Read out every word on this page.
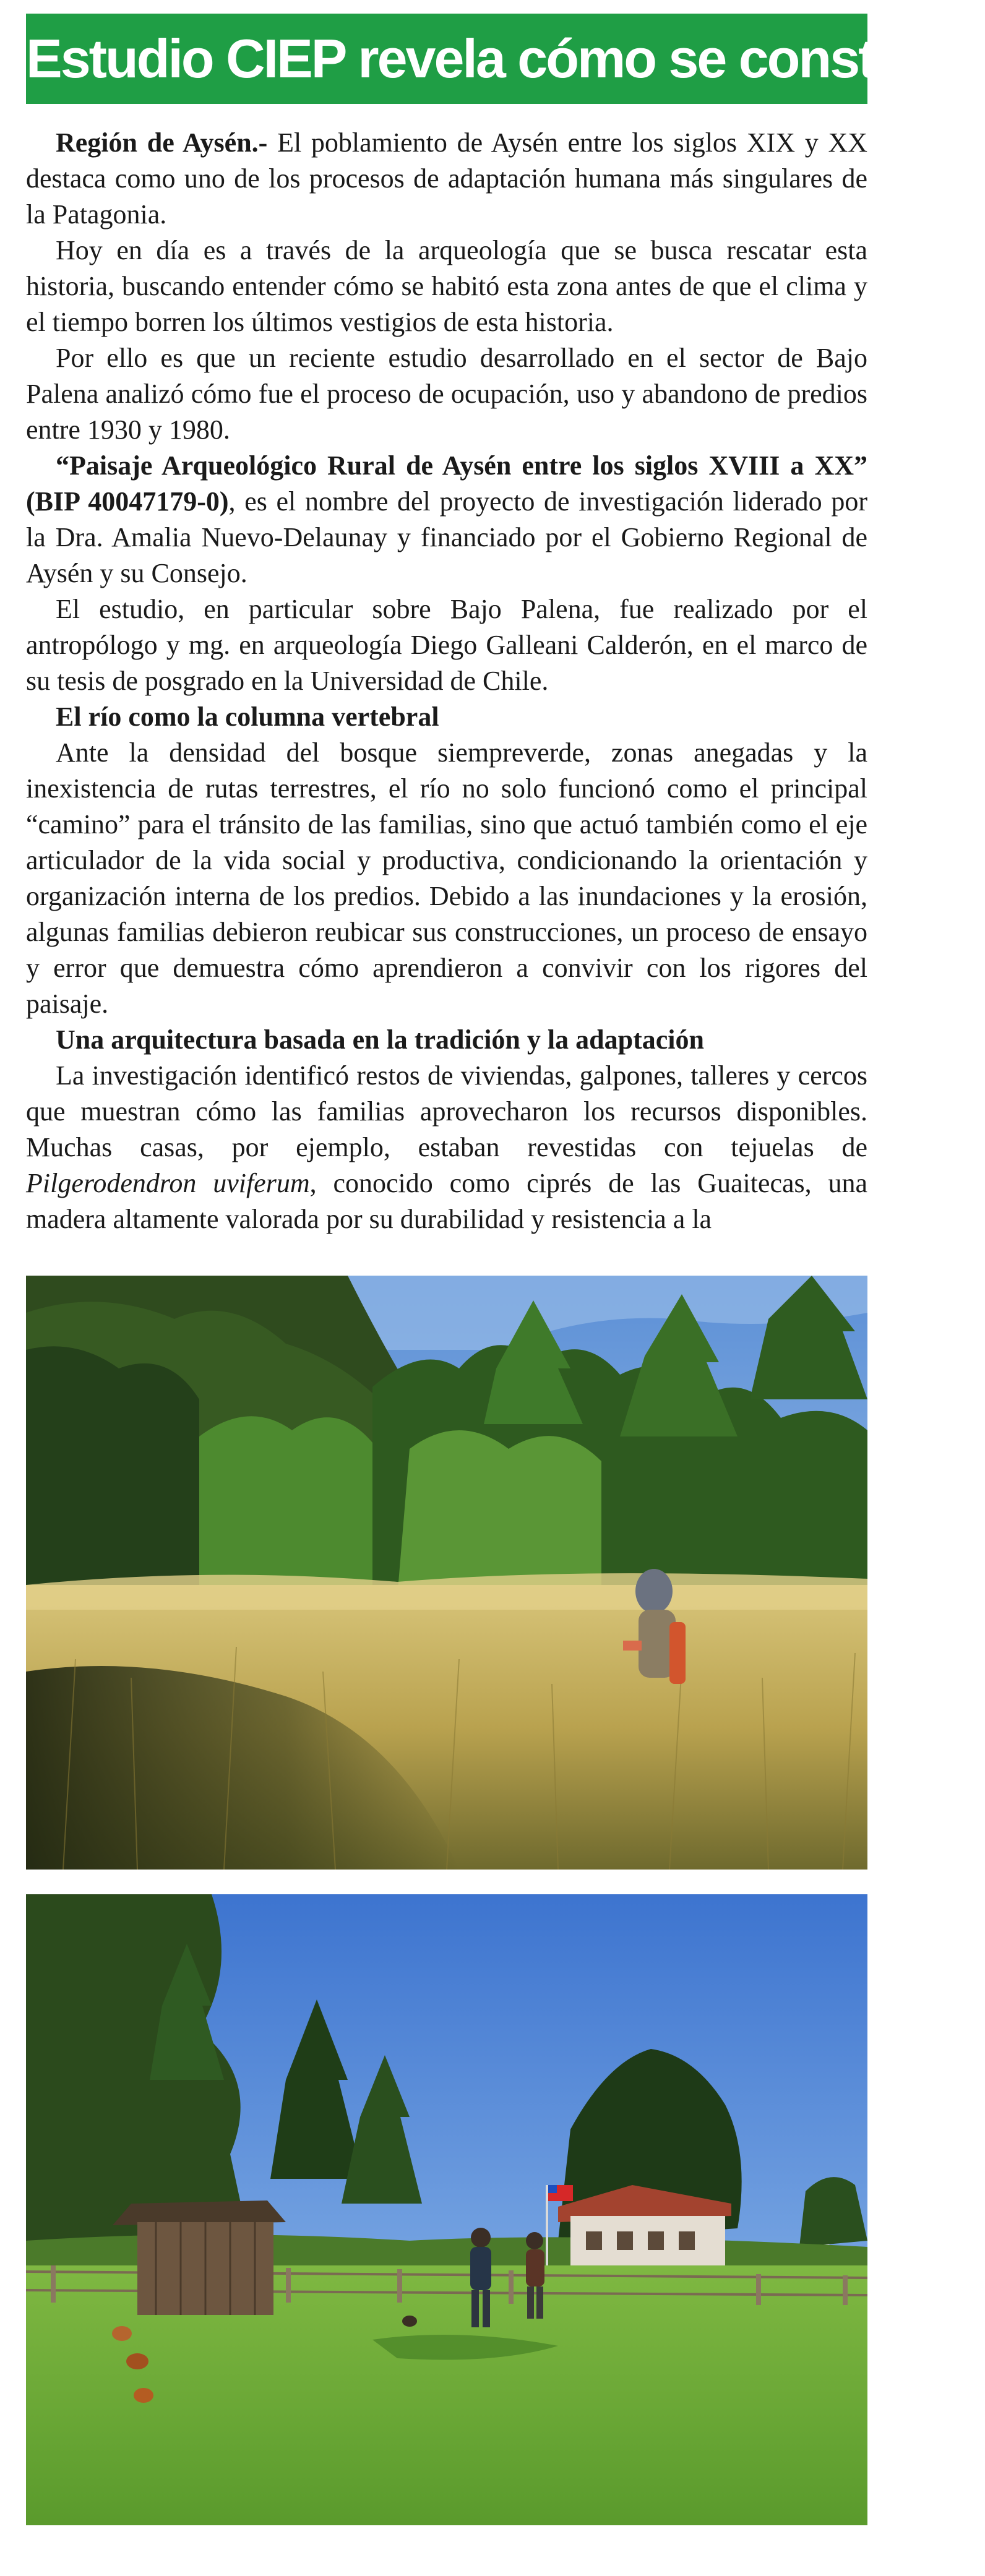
Estudio CIEP revela cómo se construyó

Región de Aysén.- El poblamiento de Aysén entre los siglos XIX y XX destaca como uno de los procesos de adaptación humana más singulares de la Patagonia.

Hoy en día es a través de la arqueología que se busca rescatar esta historia, buscando entender cómo se habitó esta zona antes de que el clima y el tiempo borren los últimos vestigios de esta historia.

Por ello es que un reciente estudio desarrollado en el sector de Bajo Palena analizó cómo fue el proceso de ocupación, uso y abandono de predios entre 1930 y 1980.

“Paisaje Arqueológico Rural de Aysén entre los siglos XVIII a XX” (BIP 40047179-0), es el nombre del proyecto de investigación liderado por la Dra. Amalia Nuevo-Delaunay y financiado por el Gobierno Regional de Aysén y su Consejo.

El estudio, en particular sobre Bajo Palena, fue realizado por el antropólogo y mg. en arqueología Diego Galleani Calderón, en el marco de su tesis de posgrado en la Universidad de Chile.

El río como la columna vertebral

Ante la densidad del bosque siempreverde, zonas anegadas y la inexistencia de rutas terrestres, el río no solo funcionó como el principal “camino” para el tránsito de las familias, sino que actuó también como el eje articulador de la vida social y productiva, condicionando la orientación y organización interna de los predios. Debido a las inundaciones y la erosión, algunas familias debieron reubicar sus construcciones, un proceso de ensayo y error que demuestra cómo aprendieron a convivir con los rigores del paisaje.

Una arquitectura basada en la tradición y la adaptación

La investigación identificó restos de viviendas, galpones, talleres y cercos que muestran cómo las familias aprovecharon los recursos disponibles. Muchas casas, por ejemplo, estaban revestidas con tejuelas de Pilgerodendron uviferum, conocido como ciprés de las Guaitecas, una madera altamente valorada por su durabilidad y resistencia a la
